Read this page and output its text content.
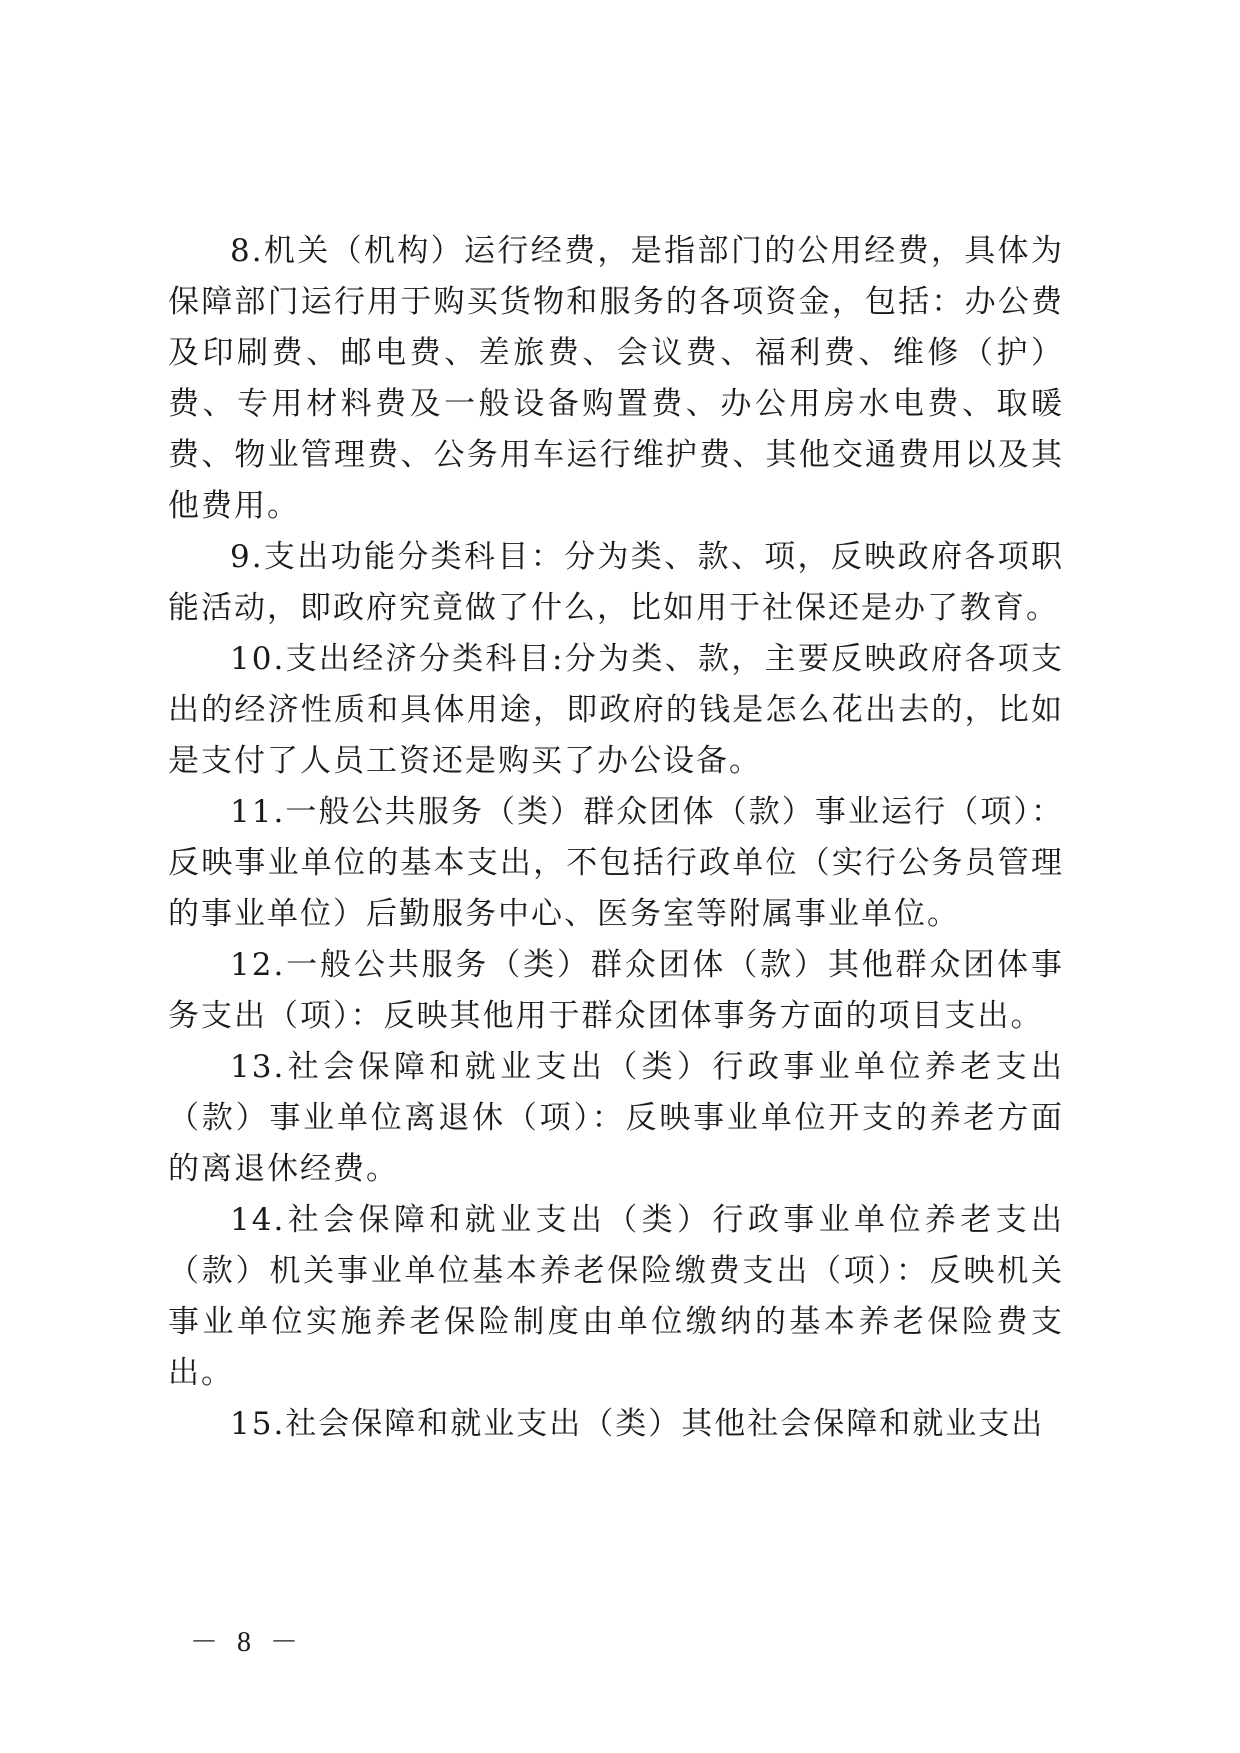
8.机关（机构）运行经费，是指部门的公用经费，具体为保障部门运行用于购买货物和服务的各项资金，包括：办公费及印刷费、邮电费、差旅费、会议费、福利费、维修（护）费、专用材料费及一般设备购置费、办公用房水电费、取暖费、物业管理费、公务用车运行维护费、其他交通费用以及其他费用。

9.支出功能分类科目：分为类、款、项，反映政府各项职能活动，即政府究竟做了什么，比如用于社保还是办了教育。

10.支出经济分类科目:分为类、款，主要反映政府各项支出的经济性质和具体用途，即政府的钱是怎么花出去的，比如是支付了人员工资还是购买了办公设备。

11.一般公共服务（类）群众团体（款）事业运行（项）：反映事业单位的基本支出，不包括行政单位（实行公务员管理的事业单位）后勤服务中心、医务室等附属事业单位。

12.一般公共服务（类）群众团体（款）其他群众团体事务支出（项）：反映其他用于群众团体事务方面的项目支出。

13.社会保障和就业支出（类）行政事业单位养老支出（款）事业单位离退休（项）：反映事业单位开支的养老方面的离退休经费。

14.社会保障和就业支出（类）行政事业单位养老支出（款）机关事业单位基本养老保险缴费支出（项）：反映机关事业单位实施养老保险制度由单位缴纳的基本养老保险费支出。

15.社会保障和就业支出（类）其他社会保障和就业支出

－ 8 －
